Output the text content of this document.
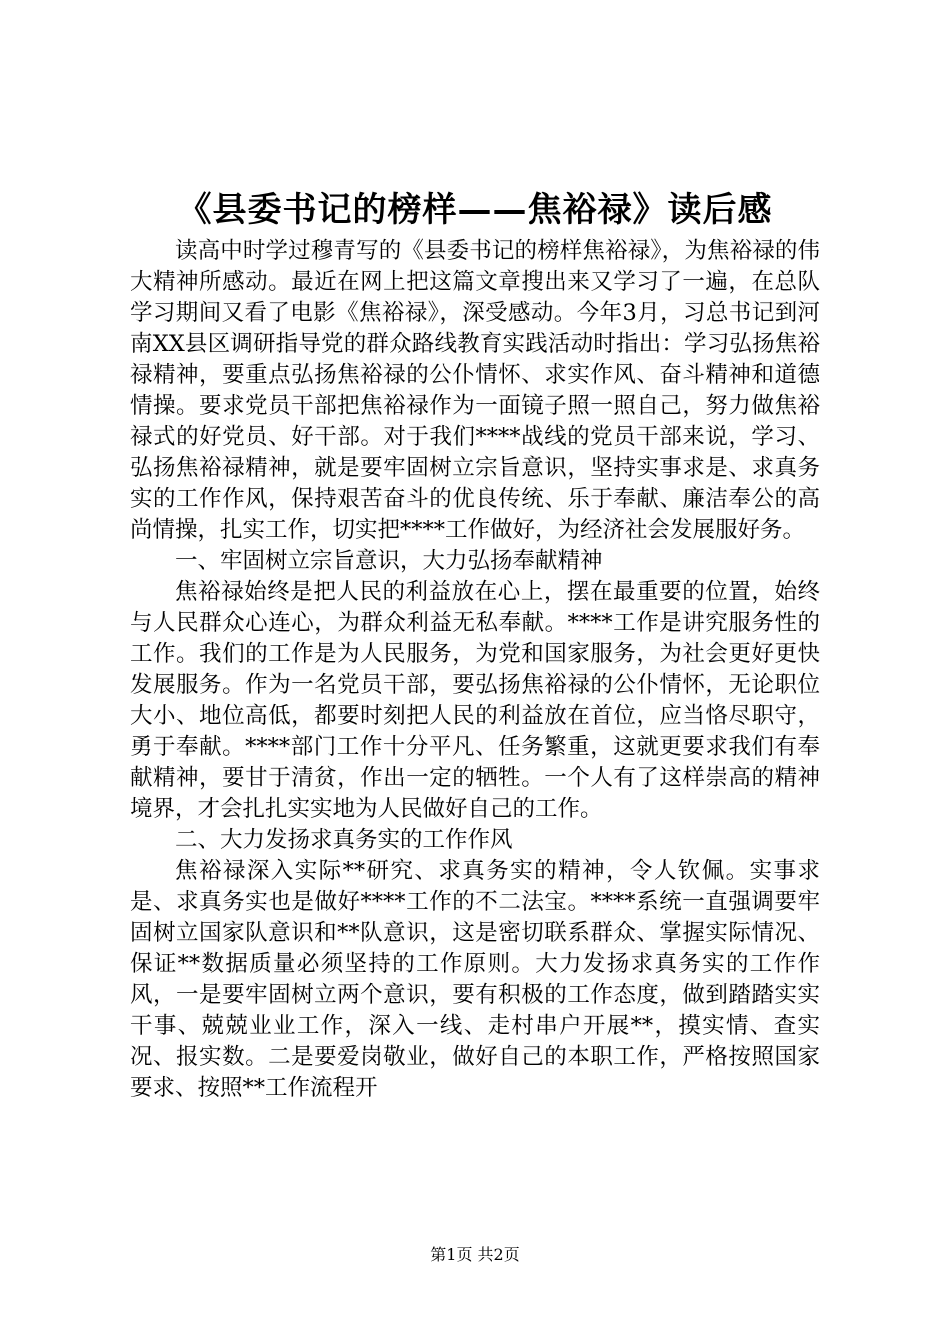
《县委书记的榜样——焦裕禄》读后感

读高中时学过穆青写的《县委书记的榜样焦裕禄》，为焦裕禄的伟大精神所感动。最近在网上把这篇文章搜出来又学习了一遍，在总队学习期间又看了电影《焦裕禄》，深受感动。今年3月，习总书记到河南XX县区调研指导党的群众路线教育实践活动时指出：学习弘扬焦裕禄精神，要重点弘扬焦裕禄的公仆情怀、求实作风、奋斗精神和道德情操。要求党员干部把焦裕禄作为一面镜子照一照自己，努力做焦裕禄式的好党员、好干部。对于我们****战线的党员干部来说，学习、弘扬焦裕禄精神，就是要牢固树立宗旨意识，坚持实事求是、求真务实的工作作风，保持艰苦奋斗的优良传统、乐于奉献、廉洁奉公的高尚情操，扎实工作，切实把****工作做好，为经济社会发展服好务。

一、牢固树立宗旨意识，大力弘扬奉献精神

焦裕禄始终是把人民的利益放在心上，摆在最重要的位置，始终与人民群众心连心，为群众利益无私奉献。****工作是讲究服务性的工作。我们的工作是为人民服务，为党和国家服务，为社会更好更快发展服务。作为一名党员干部，要弘扬焦裕禄的公仆情怀，无论职位大小、地位高低，都要时刻把人民的利益放在首位，应当恪尽职守，勇于奉献。****部门工作十分平凡、任务繁重，这就更要求我们有奉献精神，要甘于清贫，作出一定的牺牲。一个人有了这样崇高的精神境界，才会扎扎实实地为人民做好自己的工作。

二、大力发扬求真务实的工作作风

焦裕禄深入实际**研究、求真务实的精神，令人钦佩。实事求是、求真务实也是做好****工作的不二法宝。****系统一直强调要牢固树立国家队意识和**队意识，这是密切联系群众、掌握实际情况、保证**数据质量必须坚持的工作原则。大力发扬求真务实的工作作风，一是要牢固树立两个意识，要有积极的工作态度，做到踏踏实实干事、兢兢业业工作，深入一线、走村串户开展**，摸实情、查实况、报实数。二是要爱岗敬业，做好自己的本职工作，严格按照国家要求、按照**工作流程开

第1页 共2页
